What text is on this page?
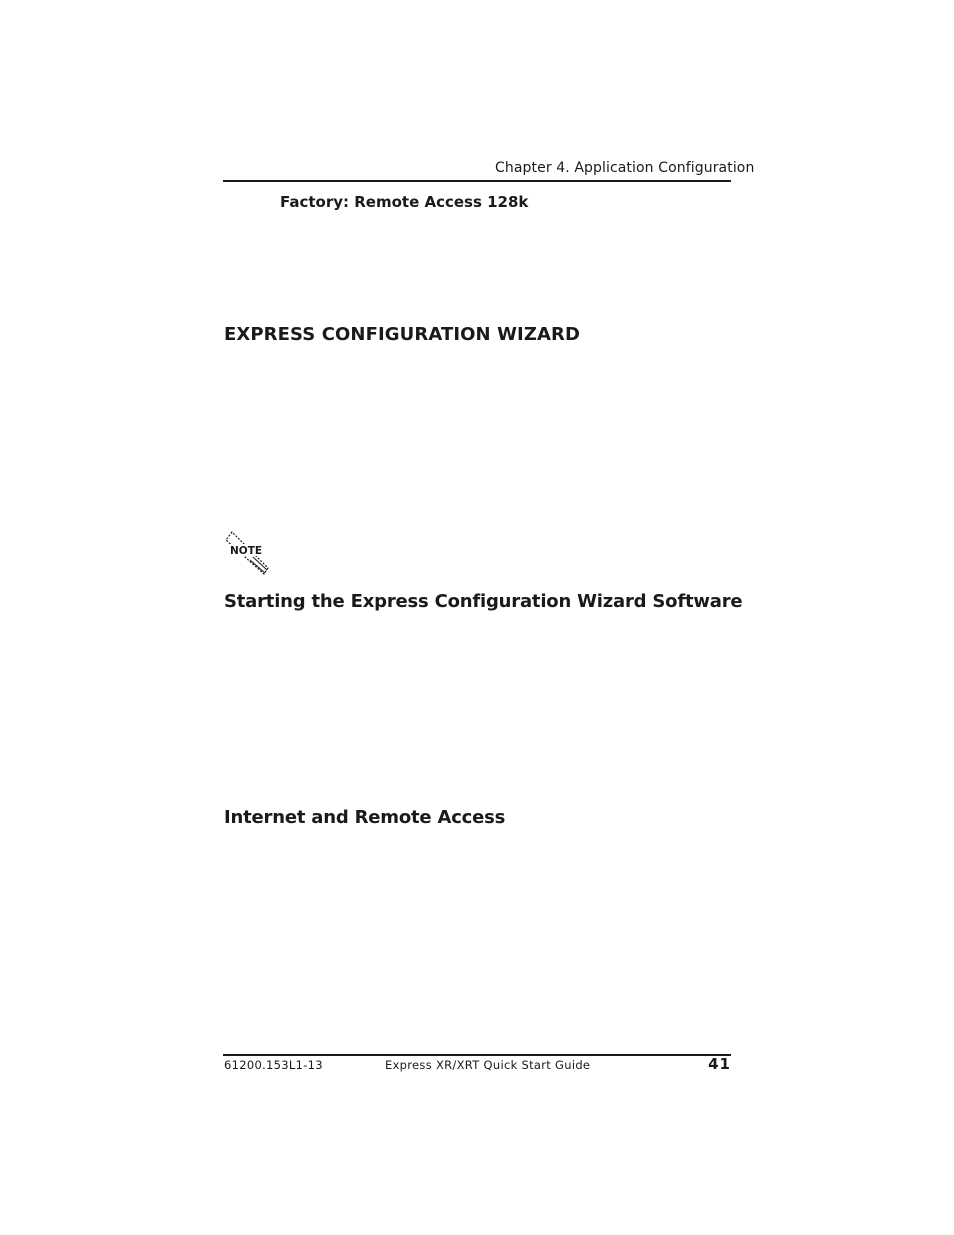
Chapter 4. Application Configuration
Factory: Remote Access 128k
EXPRESS CONFIGURATION WIZARD
NOTE
Starting the Express Configuration Wizard Software
Internet and Remote Access
61200.153L1-13	Express XR/XRT Quick Start Guide	41
